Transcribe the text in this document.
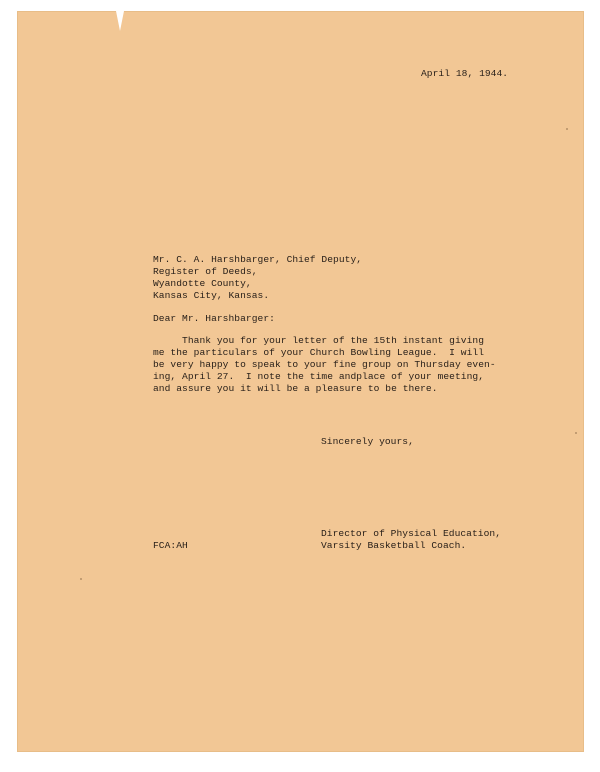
April 18, 1944.
Mr. C. A. Harshbarger, Chief Deputy,
Register of Deeds,
Wyandotte County,
Kansas City, Kansas.
Dear Mr. Harshbarger:
Thank you for your letter of the 15th instant giving
me the particulars of your Church Bowling League.  I will
be very happy to speak to your fine group on Thursday even-
ing, April 27.  I note the time andplace of your meeting,
and assure you it will be a pleasure to be there.
Sincerely yours,
Director of Physical Education,
Varsity Basketball Coach.
FCA:AH
